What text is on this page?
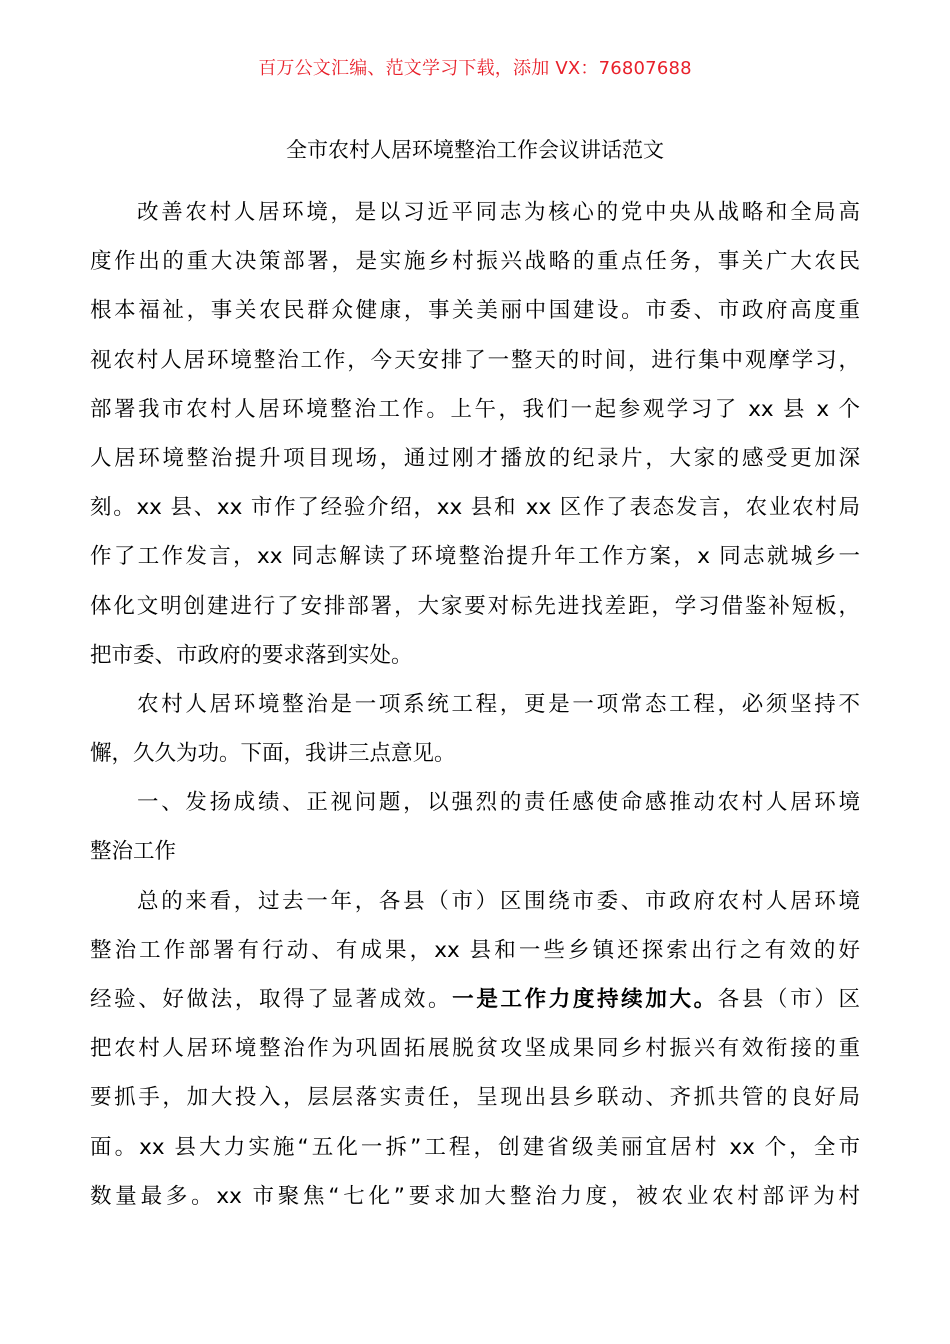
百万公文汇编、范文学习下载，添加 VX：76807688
全市农村人居环境整治工作会议讲话范文
改善农村人居环境，是以习近平同志为核心的党中央从战略和全局高
度作出的重大决策部署，是实施乡村振兴战略的重点任务，事关广大农民
根本福祉，事关农民群众健康，事关美丽中国建设。市委、市政府高度重
视农村人居环境整治工作，今天安排了一整天的时间，进行集中观摩学习，
部署我市农村人居环境整治工作。上午，我们一起参观学习了 xx 县 x 个
人居环境整治提升项目现场，通过刚才播放的纪录片，大家的感受更加深
刻。xx 县、xx 市作了经验介绍，xx 县和 xx 区作了表态发言，农业农村局
作了工作发言，xx 同志解读了环境整治提升年工作方案，x 同志就城乡一
体化文明创建进行了安排部署，大家要对标先进找差距，学习借鉴补短板，
把市委、市政府的要求落到实处。
农村人居环境整治是一项系统工程，更是一项常态工程，必须坚持不
懈，久久为功。下面，我讲三点意见。
一、发扬成绩、正视问题，以强烈的责任感使命感推动农村人居环境
整治工作
总的来看，过去一年，各县（市）区围绕市委、市政府农村人居环境
整治工作部署有行动、有成果，xx 县和一些乡镇还探索出行之有效的好
经验、好做法，取得了显著成效。一是工作力度持续加大。各县（市）区
把农村人居环境整治作为巩固拓展脱贫攻坚成果同乡村振兴有效衔接的重
要抓手，加大投入，层层落实责任，呈现出县乡联动、齐抓共管的良好局
面。xx 县大力实施“五化一拆”工程，创建省级美丽宜居村 xx 个，全市
数量最多。xx 市聚焦“七化”要求加大整治力度，被农业农村部评为村
